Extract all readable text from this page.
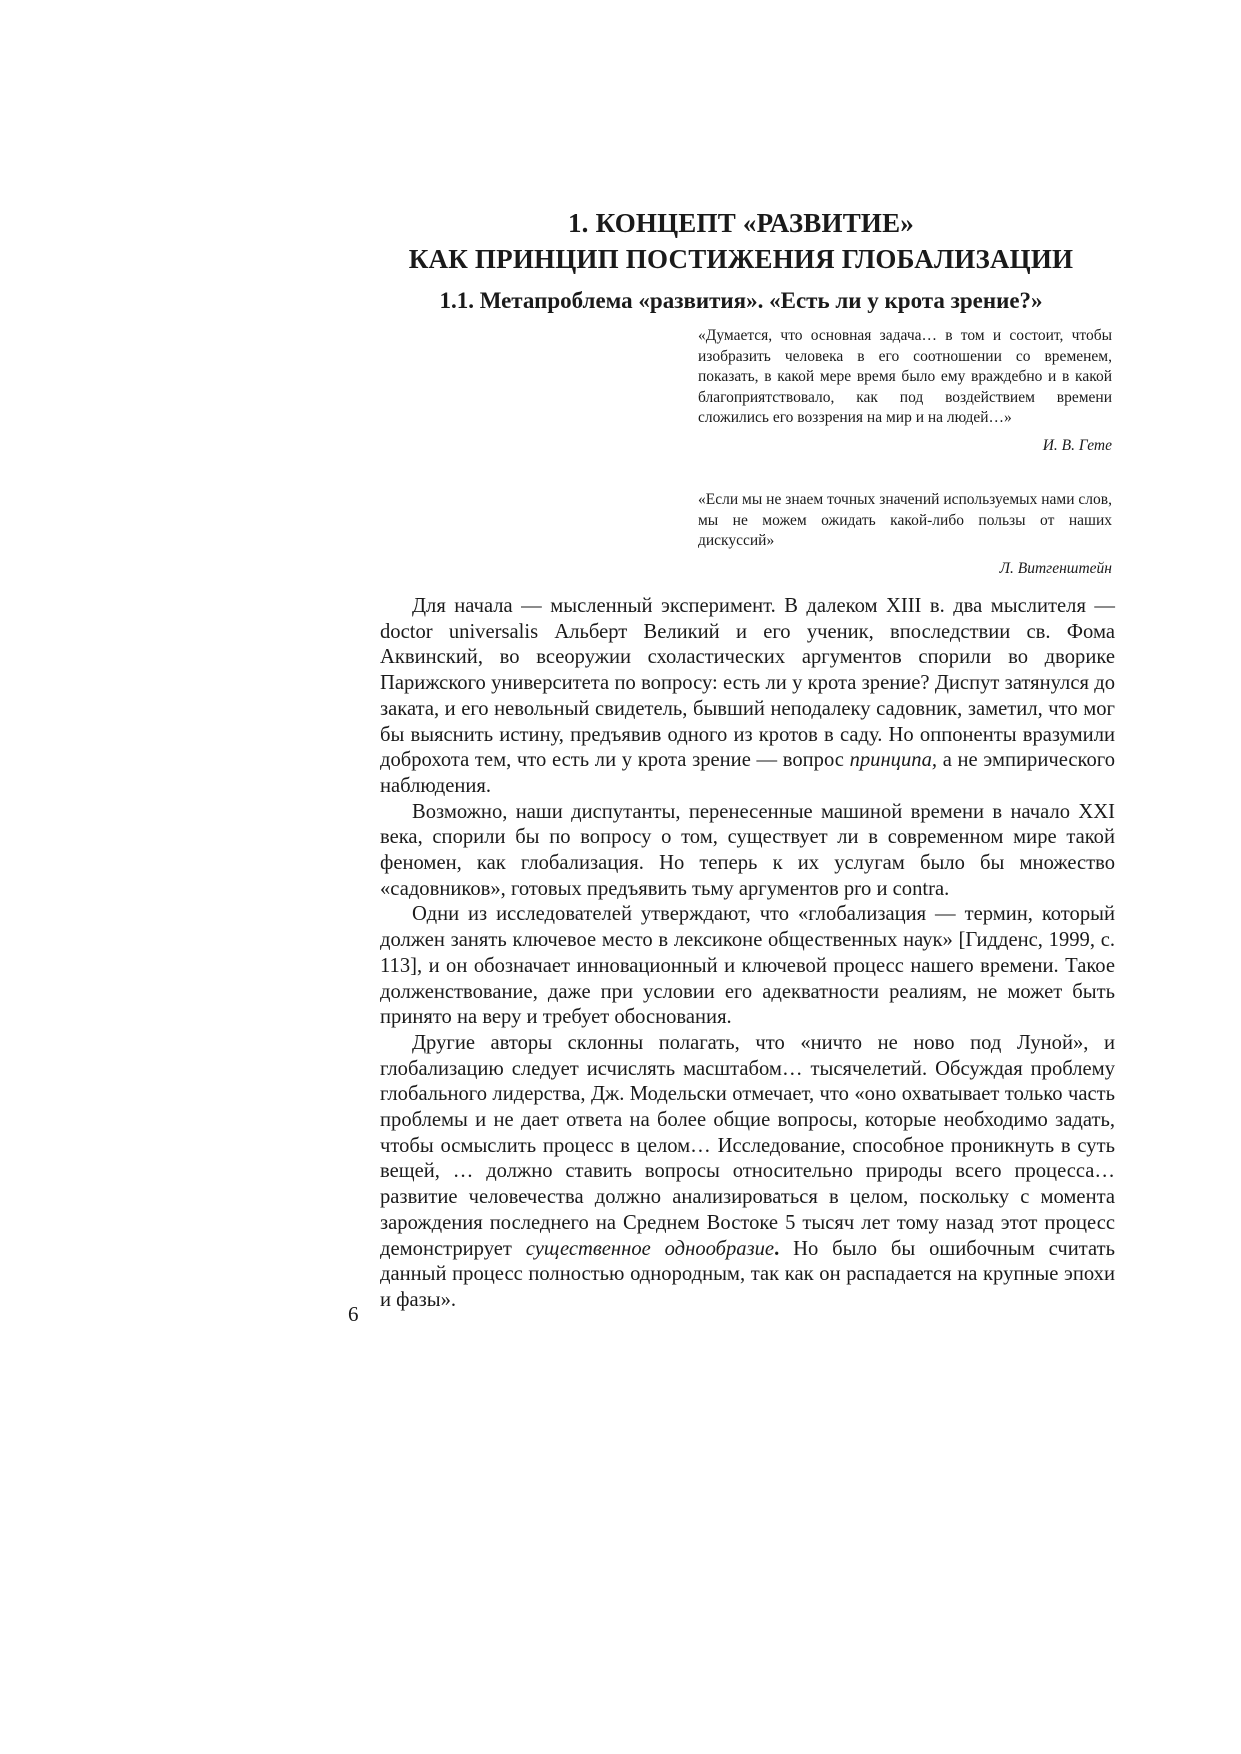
1. КОНЦЕПТ «РАЗВИТИЕ»
КАК ПРИНЦИП ПОСТИЖЕНИЯ ГЛОБАЛИЗАЦИИ
1.1. Метапроблема «развития». «Есть ли у крота зрение?»
«Думается, что основная задача… в том и состоит, чтобы изобразить человека в его соотношении со временем, показать, в какой мере время было ему враждебно и в какой благоприятствовало, как под воздействием времени сложились его воззрения на мир и на людей…»
И. В. Гете
«Если мы не знаем точных значений используемых нами слов, мы не можем ожидать какой-либо пользы от наших дискуссий»
Л. Витгенштейн

Для начала — мысленный эксперимент. В далеком XIII в. два мыслителя — doctor universalis Альберт Великий и его ученик, впоследствии св. Фома Аквинский, во всеоружии схоластических аргументов спорили во дворике Парижского университета по вопросу: есть ли у крота зрение? Диспут затянулся до заката, и его невольный свидетель, бывший неподалеку садовник, заметил, что мог бы выяснить истину, предъявив одного из кротов в саду. Но оппоненты вразумили доброхота тем, что есть ли у крота зрение — вопрос принципа, а не эмпирического наблюдения.

Возможно, наши диспутанты, перенесенные машиной времени в начало XXI века, спорили бы по вопросу о том, существует ли в современном мире такой феномен, как глобализация. Но теперь к их услугам было бы множество «садовников», готовых предъявить тьму аргументов pro и contra.

Одни из исследователей утверждают, что «глобализация — термин, который должен занять ключевое место в лексиконе общественных наук» [Гидденс, 1999, с. 113], и он обозначает инновационный и ключевой процесс нашего времени. Такое долженствование, даже при условии его адекватности реалиям, не может быть принято на веру и требует обоснования.

Другие авторы склонны полагать, что «ничто не ново под Луной», и глобализацию следует исчислять масштабом… тысячелетий. Обсуждая проблему глобального лидерства, Дж. Модельски отмечает, что «оно охватывает только часть проблемы и не дает ответа на более общие вопросы, которые необходимо задать, чтобы осмыслить процесс в целом… Исследование, способное проникнуть в суть вещей, … должно ставить вопросы относительно природы всего процесса… развитие человечества должно анализироваться в целом, поскольку с момента зарождения последнего на Среднем Востоке 5 тысяч лет тому назад этот процесс демонстрирует существенное однообразие. Но было бы ошибочным считать данный процесс полностью однородным, так как он распадается на крупные эпохи и фазы».

6
